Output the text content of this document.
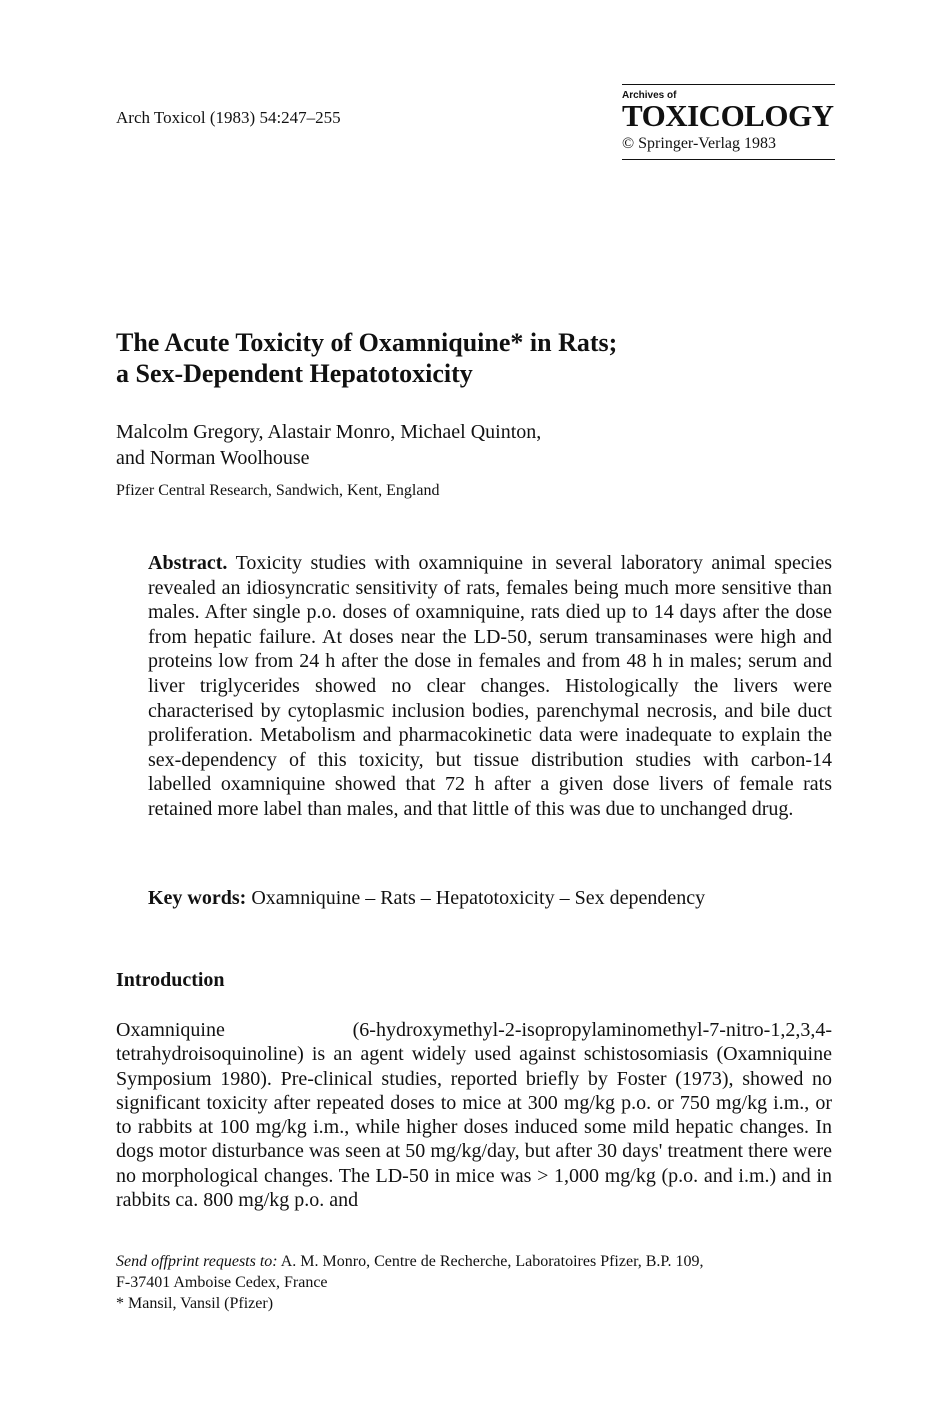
Arch Toxicol (1983) 54:247–255
Archives of
TOXICOLOGY
© Springer-Verlag 1983
The Acute Toxicity of Oxamniquine* in Rats;
a Sex-Dependent Hepatotoxicity
Malcolm Gregory, Alastair Monro, Michael Quinton,
and Norman Woolhouse
Pfizer Central Research, Sandwich, Kent, England

Abstract. Toxicity studies with oxamniquine in several laboratory animal species revealed an idiosyncratic sensitivity of rats, females being much more sensitive than males. After single p.o. doses of oxamniquine, rats died up to 14 days after the dose from hepatic failure. At doses near the LD-50, serum transaminases were high and proteins low from 24 h after the dose in females and from 48 h in males; serum and liver triglycerides showed no clear changes. Histologically the livers were characterised by cytoplasmic inclusion bodies, parenchymal necrosis, and bile duct proliferation. Metabolism and pharmacokinetic data were inadequate to explain the sex-dependency of this toxicity, but tissue distribution studies with carbon-14 labelled oxamniquine showed that 72 h after a given dose livers of female rats retained more label than males, and that little of this was due to unchanged drug.

Key words: Oxamniquine – Rats – Hepatotoxicity – Sex dependency
Introduction

Oxamniquine (6-hydroxymethyl-2-isopropylaminomethyl-7-nitro-1,2,3,4-tetrahydroisoquinoline) is an agent widely used against schistosomiasis (Oxamniquine Symposium 1980). Pre-clinical studies, reported briefly by Foster (1973), showed no significant toxicity after repeated doses to mice at 300 mg/kg p.o. or 750 mg/kg i.m., or to rabbits at 100 mg/kg i.m., while higher doses induced some mild hepatic changes. In dogs motor disturbance was seen at 50 mg/kg/day, but after 30 days' treatment there were no morphological changes. The LD-50 in mice was > 1,000 mg/kg (p.o. and i.m.) and in rabbits ca. 800 mg/kg p.o. and

Send offprint requests to: A. M. Monro, Centre de Recherche, Laboratoires Pfizer, B.P. 109,
F-37401 Amboise Cedex, France
* Mansil, Vansil (Pfizer)
